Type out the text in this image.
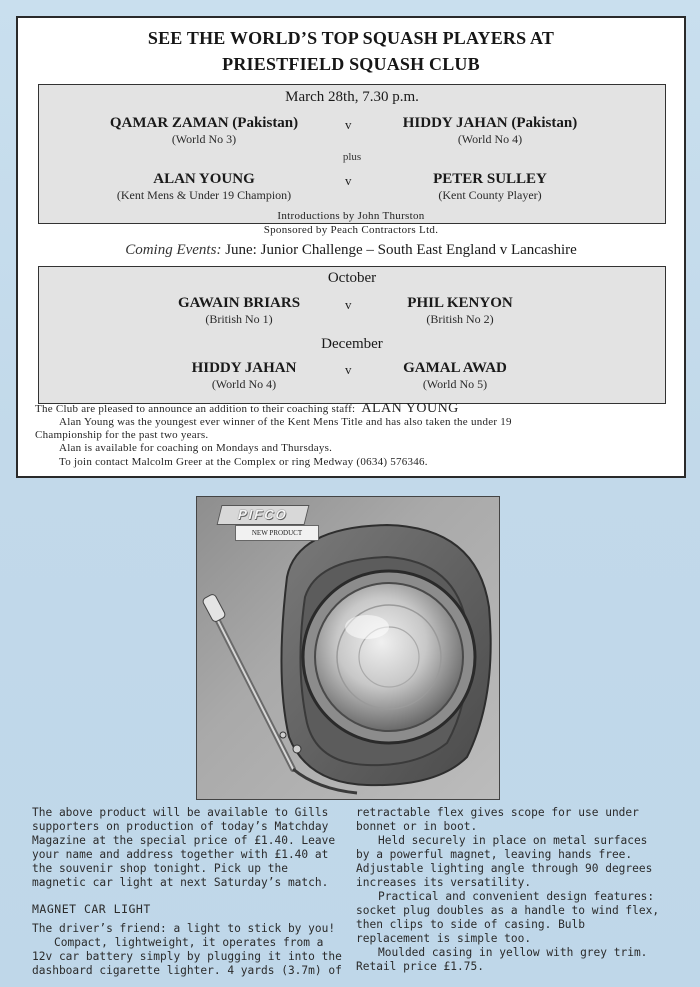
SEE THE WORLD’S TOP SQUASH PLAYERS AT
PRIESTFIELD SQUASH CLUB
March 28th, 7.30 p.m.
QAMAR ZAMAN (Pakistan)
(World No 3)
v	HIDDY JAHAN (Pakistan)
(World No 4)
plus
ALAN YOUNG
(Kent Mens & Under 19 Champion)
v	PETER SULLEY
(Kent County Player)
Introductions by John Thurston
Sponsored by Peach Contractors Ltd.
Coming Events: June: Junior Challenge – South East England v Lancashire
October
GAWAIN BRIARS
(British No 1)
v	PHIL KENYON
(British No 2)
December
HIDDY JAHAN
(World No 4)
v	GAMAL AWAD
(World No 5)
The Club are pleased to announce an addition to their coaching staff: ALAN YOUNG
Alan Young was the youngest ever winner of the Kent Mens Title and has also taken the under 19
Championship for the past two years.
Alan is available for coaching on Mondays and Thursdays.
To join contact Malcolm Greer at the Complex or ring Medway (0634) 576346.
PIFCO
NEW PRODUCT

The above product will be available to Gills supporters on production of today’s Matchday Magazine at the special price of £1.40. Leave your name and address together with £1.40 at the souvenir shop tonight. Pick up the magnetic car light at next Saturday’s match.

MAGNET CAR LIGHT

The driver’s friend: a light to stick by you!

Compact, lightweight, it operates from a 12v car battery simply by plugging it into the dashboard cigarette lighter. 4 yards (3.7m) of

retractable flex gives scope for use under bonnet or in boot.

Held securely in place on metal surfaces by a powerful magnet, leaving hands free. Adjustable lighting angle through 90 degrees increases its versatility.

Practical and convenient design features: socket plug doubles as a handle to wind flex, then clips to side of casing. Bulb replacement is simple too.

Moulded casing in yellow with grey trim. Retail price £1.75.
